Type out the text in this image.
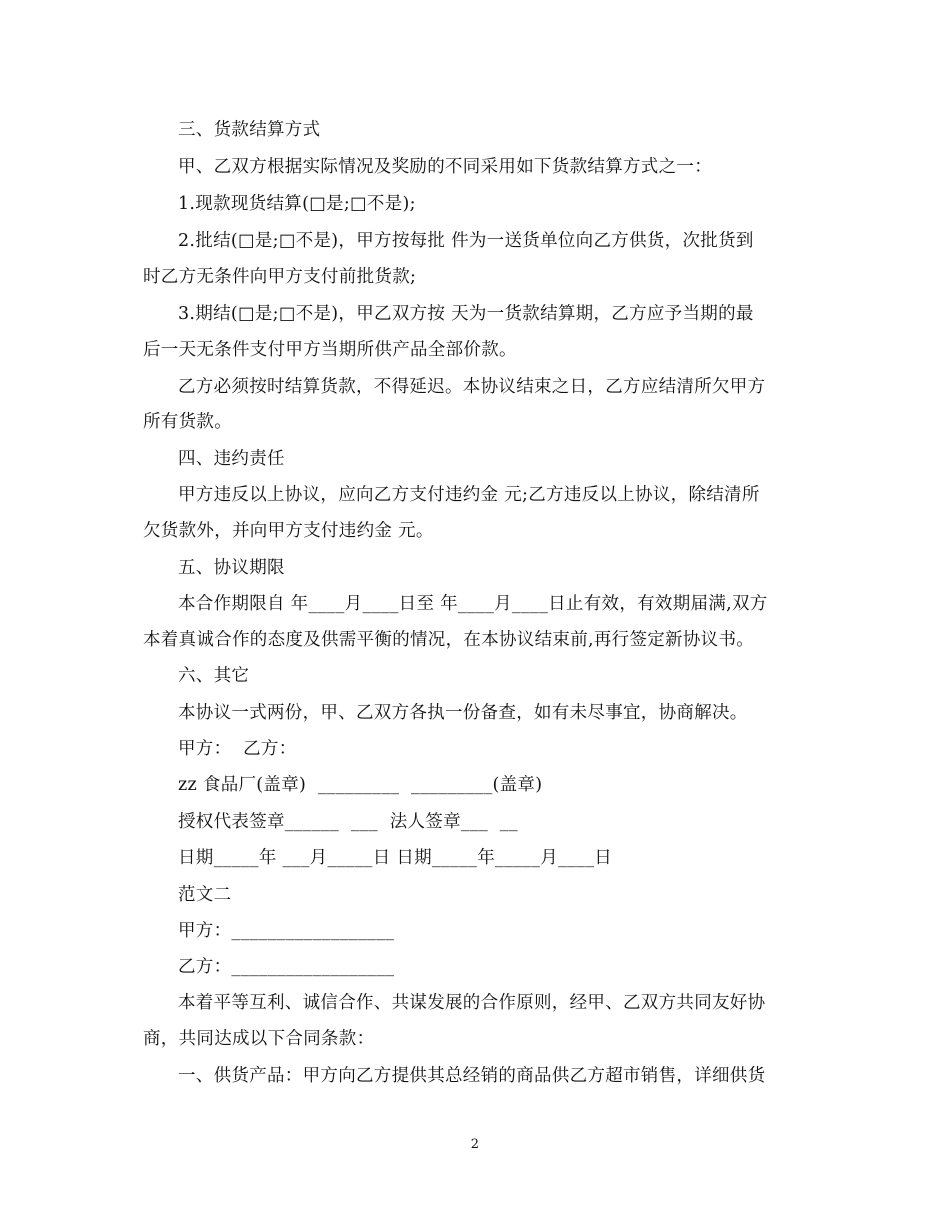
三、货款结算方式
甲、乙双方根据实际情况及奖励的不同采用如下货款结算方式之一：
1.现款现货结算(□是;□不是);
2.批结(□是;□不是)，甲方按每批 件为一送货单位向乙方供货，次批货到
时乙方无条件向甲方支付前批货款;
3.期结(□是;□不是)，甲乙双方按 天为一货款结算期，乙方应予当期的最
后一天无条件支付甲方当期所供产品全部价款。
乙方必须按时结算货款，不得延迟。本协议结束之日，乙方应结清所欠甲方
所有货款。
四、违约责任
甲方违反以上协议，应向乙方支付违约金 元;乙方违反以上协议，除结清所
欠货款外，并向甲方支付违约金 元。
五、协议期限
本合作期限自 年____月____日至 年____月____日止有效，有效期届满,双方
本着真诚合作的态度及供需平衡的情况，在本协议结束前,再行签定新协议书。
六、其它
本协议一式两份，甲、乙双方各执一份备查，如有未尽事宜，协商解决。
甲方：  乙方：
zz 食品厂(盖章)  _________  _________(盖章)
授权代表签章______  ___  法人签章___  __
日期_____年 ___月_____日 日期_____年_____月____日
范文二
甲方：__________________
乙方：__________________
本着平等互利、诚信合作、共谋发展的合作原则，经甲、乙双方共同友好协
商，共同达成以下合同条款：
一、供货产品：甲方向乙方提供其总经销的商品供乙方超市销售，详细供货
2
